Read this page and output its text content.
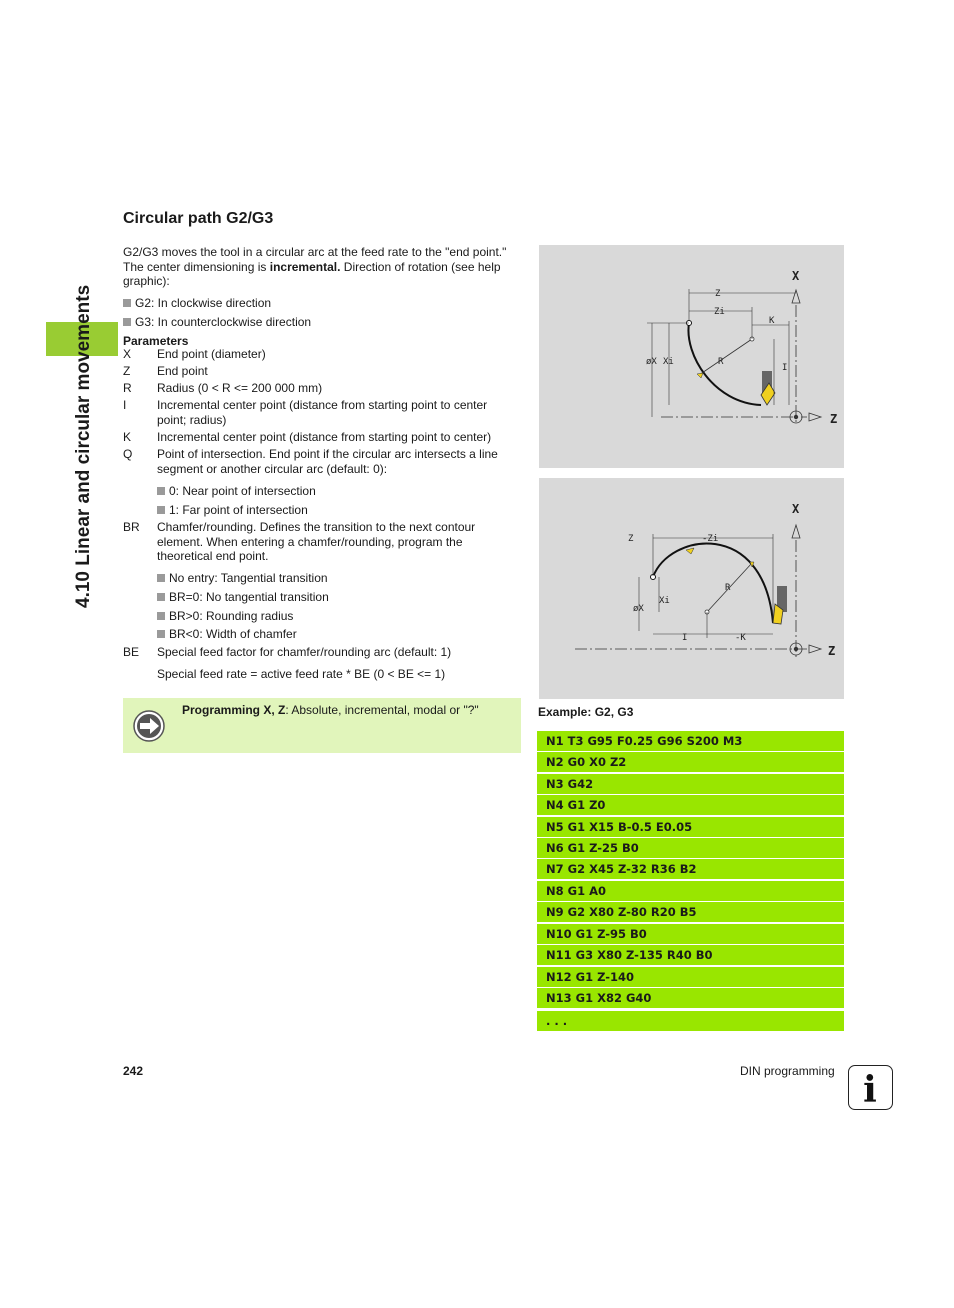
4.10 Linear and circular movements
Circular path G2/G3
G2/G3 moves the tool in a circular arc at the feed rate to the "end point." The center dimensioning is incremental. Direction of rotation (see help graphic):
G2: In clockwise direction
G3: In counterclockwise direction
Parameters
X	End point (diameter)
Z	End point
R	Radius (0 < R <= 200 000 mm)
I	Incremental center point (distance from starting point to center point; radius)
K	Incremental center point (distance from starting point to center)
Q	Point of intersection. End point if the circular arc intersects a line segment or another circular arc (default: 0):
0: Near point of intersection
1: Far point of intersection
BR	Chamfer/rounding. Defines the transition to the next contour element. When entering a chamfer/rounding, program the theoretical end point.
No entry: Tangential transition
BR=0: No tangential transition
BR>0: Rounding radius
BR<0: Width of chamfer
BE	Special feed factor for chamfer/rounding arc (default: 1)
Special feed rate = active feed rate * BE (0 < BE <= 1)
Programming X, Z: Absolute, incremental, modal or "?"
Z
X
Z
Zi
K
R
I
øX Xi
Z
X
Z	-Zi
R
øX
Xi
I	-K
Example: G2, G3
N1 T3 G95 F0.25 G96 S200 M3
N2 G0 X0 Z2
N3 G42
N4 G1 Z0
N5 G1 X15 B-0.5 E0.05
N6 G1 Z-25 B0
N7 G2 X45 Z-32 R36 B2
N8 G1 A0
N9 G2 X80 Z-80 R20 B5
N10 G1 Z-95 B0
N11 G3 X80 Z-135 R40 B0
N12 G1 Z-140
N13 G1 X82 G40
. . .
242	DIN programming i
